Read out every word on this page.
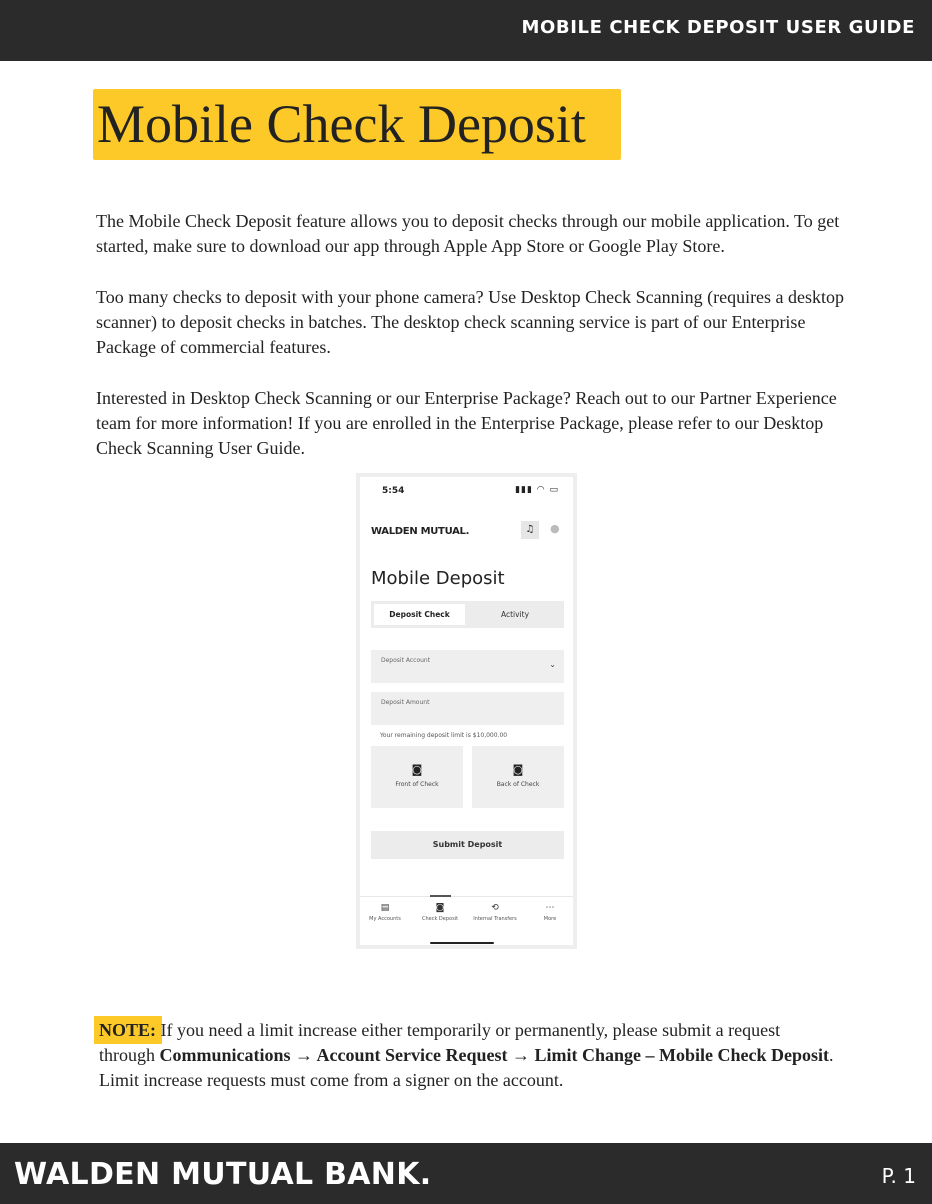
MOBILE CHECK DEPOSIT USER GUIDE
Mobile Check Deposit

The Mobile Check Deposit feature allows you to deposit checks through our mobile application. To get started, make sure to download our app through Apple App Store or Google Play Store.

Too many checks to deposit with your phone camera? Use Desktop Check Scanning (requires a desktop scanner) to deposit checks in batches. The desktop check scanning service is part of our Enterprise Package of commercial features.

Interested in Desktop Check Scanning or our Enterprise Package? Reach out to our Partner Experience team for more information! If you are enrolled in the Enterprise Package, please refer to our Desktop Check Scanning User Guide.

5:54	▮▮▮ ◠ ▭
WALDEN MUTUAL.	♫	●
Mobile Deposit
Deposit Check	Activity
Deposit Account	⌄
Deposit Amount
Your remaining deposit limit is $10,000.00
◙
Front of Check
◙
Back of Check
Submit Deposit
▤
My Accounts
◙
Check Deposit
⟲
Internal Transfers
⋯
More

NOTE: If you need a limit increase either temporarily or permanently, please submit a request through Communications → Account Service Request → Limit Change – Mobile Check Deposit. Limit increase requests must come from a signer on the account.

WALDEN MUTUAL BANK.	P. 1
